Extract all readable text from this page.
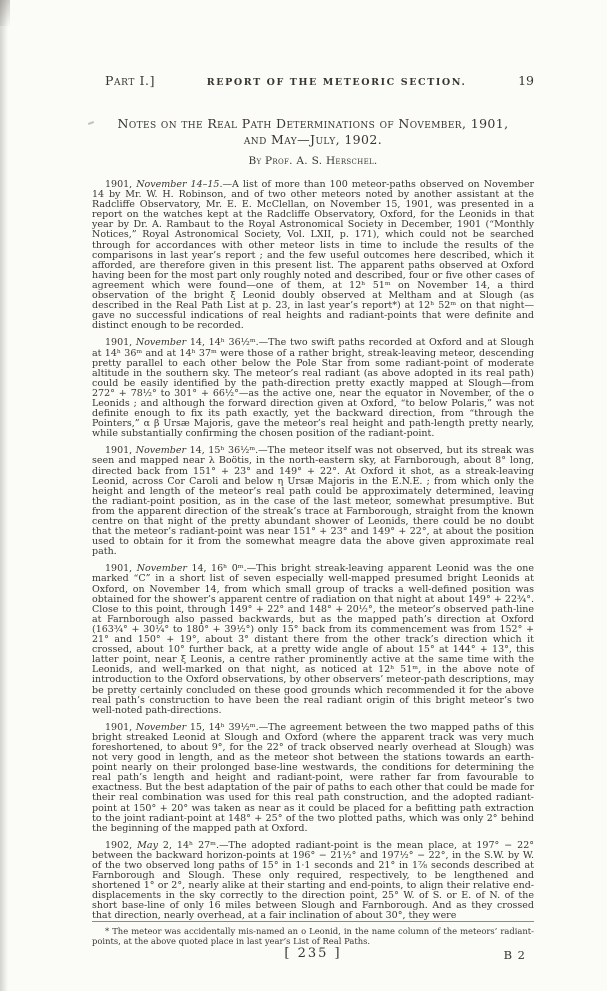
Part I.]	REPORT OF THE METEORIC SECTION.	19
Notes on the Real Path Determinations of November, 1901,
and May—July, 1902.
By Prof. A. S. Herschel.

1901, November 14–15.—A list of more than 100 meteor-paths observed on November 14 by Mr. W. H. Robinson, and of two other meteors noted by another assistant at the Radcliffe Observatory, Mr. E. E. McClellan, on November 15, 1901, was presented in a report on the watches kept at the Radcliffe Observatory, Oxford, for the Leonids in that year by Dr. A. Rambaut to the Royal Astronomical Society in December, 1901 (“Monthly Notices,” Royal Astronomical Society, Vol. LXII, p. 171), which could not be searched through for accordances with other meteor lists in time to include the results of the comparisons in last year’s report ; and the few useful outcomes here described, which it afforded, are therefore given in this present list. The apparent paths observed at Oxford having been for the most part only roughly noted and described, four or five other cases of agreement which were found—one of them, at 12ʰ 51ᵐ on November 14, a third observation of the bright ξ Leonid doubly observed at Meltham and at Slough (as described in the Real Path List at p. 23, in last year’s report*) at 12ʰ 52ᵐ on that night—gave no successful indications of real heights and radiant-points that were definite and distinct enough to be recorded.

1901, November 14, 14ʰ 36½ᵐ.—The two swift paths recorded at Oxford and at Slough at 14ʰ 36ᵐ and at 14ʰ 37ᵐ were those of a rather bright, streak-leaving meteor, descending pretty parallel to each other below the Pole Star from some radiant-point of moderate altitude in the southern sky. The meteor’s real radiant (as above adopted in its real path) could be easily identified by the path-direction pretty exactly mapped at Slough—from 272° + 78½° to 301° + 66½°—as the active one, near the equator in November, of the o Leonids ; and although the forward direction given at Oxford, “to below Polaris,” was not definite enough to fix its path exactly, yet the backward direction, from “through the Pointers,” α β Ursæ Majoris, gave the meteor’s real height and path-length pretty nearly, while substantially confirming the chosen position of the radiant-point.

1901, November 14, 15ʰ 36½ᵐ.—The meteor itself was not observed, but its streak was seen and mapped near λ Boötis, in the north-eastern sky, at Farnborough, about 8° long, directed back from 151° + 23° and 149° + 22°. At Oxford it shot, as a streak-leaving Leonid, across Cor Caroli and below η Ursæ Majoris in the E.N.E. ; from which only the height and length of the meteor’s real path could be approximately determined, leaving the radiant-point position, as in the case of the last meteor, somewhat presumptive. But from the apparent direction of the streak’s trace at Farnborough, straight from the known centre on that night of the pretty abundant shower of Leonids, there could be no doubt that the meteor’s radiant-point was near 151° + 23° and 149° + 22°, at about the position used to obtain for it from the somewhat meagre data the above given approximate real path.

1901, November 14, 16ʰ 0ᵐ.—This bright streak-leaving apparent Leonid was the one marked “C” in a short list of seven especially well-mapped presumed bright Leonids at Oxford, on November 14, from which small group of tracks a well-defined position was obtained for the shower’s apparent centre of radiation on that night at about 149° + 22¾°. Close to this point, through 149° + 22° and 148° + 20½°, the meteor’s observed path-line at Farnborough also passed backwards, but as the mapped path’s direction at Oxford (163¾° + 30¼° to 180° + 39½°) only 15° back from its commencement was from 152° + 21° and 150° + 19°, about 3° distant there from the other track’s direction which it crossed, about 10° further back, at a pretty wide angle of about 15° at 144° + 13°, this latter point, near ξ Leonis, a centre rather prominently active at the same time with the Leonids, and well-marked on that night, as noticed at 12ʰ 51ᵐ, in the above note of introduction to the Oxford observations, by other observers’ meteor-path descriptions, may be pretty certainly concluded on these good grounds which recommended it for the above real path’s construction to have been the real radiant origin of this bright meteor’s two well-noted path-directions.

1901, November 15, 14ʰ 39½ᵐ.—The agreement between the two mapped paths of this bright streaked Leonid at Slough and Oxford (where the apparent track was very much foreshortened, to about 9°, for the 22° of track observed nearly overhead at Slough) was not very good in length, and as the meteor shot between the stations towards an earth-point nearly on their prolonged base-line westwards, the conditions for determining the real path’s length and height and radiant-point, were rather far from favourable to exactness. But the best adaptation of the pair of paths to each other that could be made for their real combination was used for this real path construction, and the adopted radiant-point at 150° + 20° was taken as near as it could be placed for a befitting path extraction to the joint radiant-point at 148° + 25° of the two plotted paths, which was only 2° behind the beginning of the mapped path at Oxford.

1902, May 2, 14ʰ 27ᵐ.—The adopted radiant-point is the mean place, at 197° − 22° between the backward horizon-points at 196° − 21½° and 197½° − 22°, in the S.W. by W. of the two observed long paths of 15° in 1·1 seconds and 21° in 1⅞ seconds described at Farnborough and Slough. These only required, respectively, to be lengthened and shortened 1° or 2°, nearly alike at their starting and end-points, to align their relative end-displacements in the sky correctly to the direction point, 25° W. of S. or E. of N. of the short base-line of only 16 miles between Slough and Farnborough. And as they crossed that direction, nearly overhead, at a fair inclination of about 30°, they were

* The meteor was accidentally mis-named an o Leonid, in the name column of the meteors’ radiant-points, at the above quoted place in last year’s List of Real Paths.
[ 235 ]	B 2
